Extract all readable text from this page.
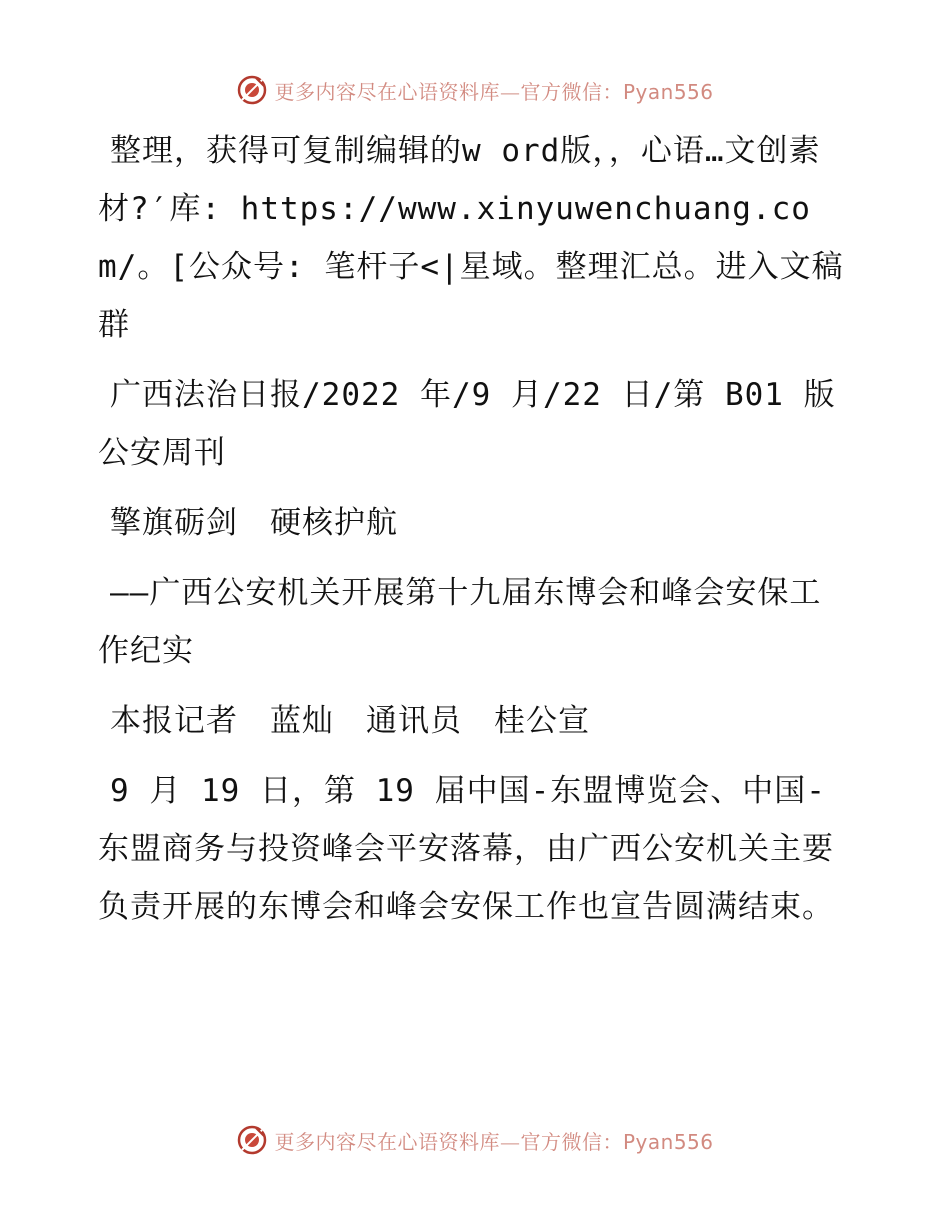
更多内容尽在心语资料库—官方微信：Pyan556

整理，获得可复制编辑的w ord版，，心语…文创素材?′库: https://www.xinyuwenchuang.com/。[公众号: 笔杆子<|星域。整理汇总。进入文稿群

广西法治日报/2022 年/9 月/22 日/第 B01 版公安周刊

擎旗砺剑　硬核护航

——广西公安机关开展第十九届东博会和峰会安保工作纪实

本报记者　蓝灿　通讯员　桂公宣

9 月 19 日，第 19 届中国-东盟博览会、中国-东盟商务与投资峰会平安落幕，由广西公安机关主要负责开展的东博会和峰会安保工作也宣告圆满结束。

更多内容尽在心语资料库—官方微信：Pyan556
